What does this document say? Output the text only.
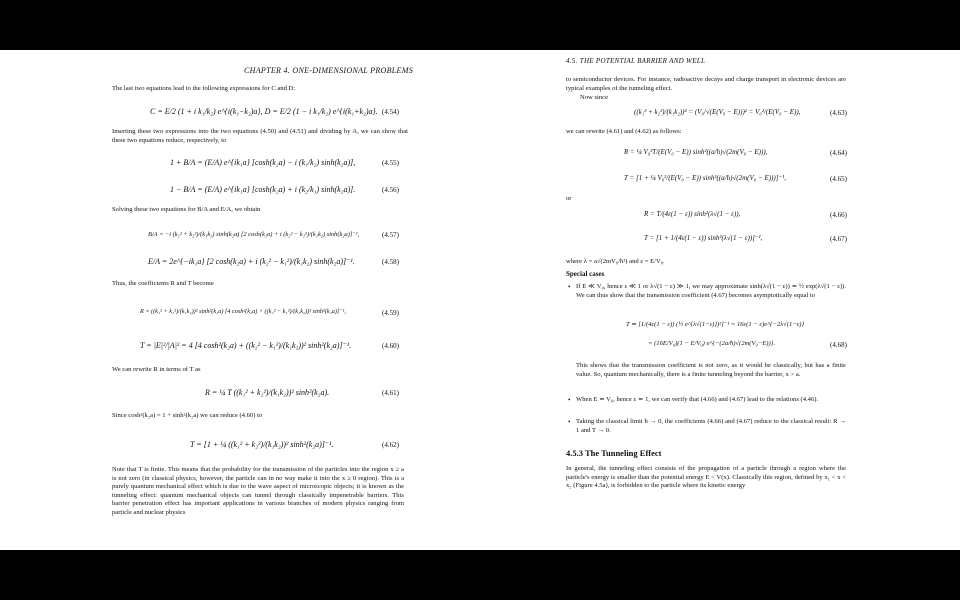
CHAPTER 4. ONE-DIMENSIONAL PROBLEMS
The last two equations lead to the following expressions for C and D:
C = E/2 (1 + i k₁/k₂) e^{i(k₁−k₂)a}, D = E/2 (1 − i k₁/k₂) e^{i(k₁+k₂)a}. (4.54)
Inserting these two expressions into the two equations (4.50) and (4.51) and dividing by A, we can show that these two equations reduce, respectively, to
1 + B/A = (E/A) e^{ik₁a} [cosh(k₂a) − i (k₁/k₂) sinh(k₂a)],	(4.55)
1 − B/A = (E/A) e^{ik₁a} [cosh(k₂a) + i (k₂/k₁) sinh(k₂a)].	(4.56)
Solving these two equations for B/A and E/A, we obtain
B/A = −i (k₁² + k₂²)/(k₁k₂) sinh(k₂a) [2 cosh(k₂a) + i (k₂² − k₁²)/(k₁k₂) sinh(k₂a)]⁻¹,	(4.57)
E/A = 2e^{−ik₁a} [2 cosh(k₂a) + i (k₂² − k₁²)/(k₁k₂) sinh(k₂a)]⁻¹.	(4.58)
Thus, the coefficients R and T become
R = ((k₁² + k₂²)/(k₁k₂))² sinh²(k₂a) [4 cosh²(k₂a) + ((k₂² − k₁²)/(k₁k₂))² sinh²(k₂a)]⁻¹,	(4.59)
T = |E|²/|A|² = 4 [4 cosh²(k₂a) + ((k₂² − k₁²)/(k₁k₂))² sinh²(k₂a)]⁻¹.	(4.60)
We can rewrite R in terms of T as
R = ¼ T ((k₁² + k₂²)/(k₁k₂))² sinh²(k₂a).	(4.61)
Since cosh²(k₂a) = 1 + sinh²(k₂a) we can reduce (4.60) to
T = [1 + ¼ ((k₁² + k₂²)/(k₁k₂))² sinh²(k₂a)]⁻¹.	(4.62)
Note that T is finite. This means that the probability for the transmission of the particles into the region x ≥ a is not zero (in classical physics, however, the particle can in no way make it into the x ≥ 0 region). This is a purely quantum mechanical effect which is due to the wave aspect of microscopic objects; it is known as the tunneling effect: quantum mechanical objects can tunnel through classically impenetrable barriers. This barrier penetration effect has important applications in various branches of modern physics ranging from particle and nuclear physics
4.5. THE POTENTIAL BARRIER AND WELL
to semiconductor devices. For instance, radioactive decays and charge transport in electronic devices are typical examples of the tunneling effect.
Now since
((k₁² + k₂²)/(k₁k₂))² = (V₀/√(E(V₀ − E)))² = V₀²/(E(V₀ − E)),	(4.63)
we can rewrite (4.61) and (4.62) as follows:
R = ¼ V₀²T/(E(V₀ − E)) sinh²((a/ħ)√(2m(V₀ − E))),	(4.64)
T = [1 + ¼ V₀²/(E(V₀ − E)) sinh²((a/ħ)√(2m(V₀ − E)))]⁻¹,	(4.65)
or
R = T/(4ε(1 − ε)) sinh²(λ√(1 − ε)),	(4.66)
T = [1 + 1/(4ε(1 − ε)) sinh²(λ√(1 − ε))]⁻¹,	(4.67)
where λ = a√(2mV₀/ħ²) and ε = E/V₀.
Special cases
• If E ≪ V₀, hence ε ≪ 1 or λ√(1 − ε) ≫ 1, we may approximate sinh(λ√(1 − ε)) ≃ ½ exp(λ√(1 − ε)). We can thus show that the transmission coefficient (4.67) becomes asymptotically equal to
T ≃ [1/(4ε(1 − ε)) (½ e^{λ√(1−ε)})²]⁻¹ = 16ε(1 − ε)e^{−2λ√(1−ε)}
= (16E/V₀)(1 − E/V₀) e^{−(2a/ħ)√(2m(V₀−E))}.	(4.68)
This shows that the transmission coefficient is not zero, as it would be classically, but has a finite value. So, quantum mechanically, there is a finite tunneling beyond the barrier, x > a.
• When E ≃ V₀, hence ε ≃ 1, we can verify that (4.66) and (4.67) lead to the relations (4.46).
• Taking the classical limit ħ → 0, the coefficients (4.66) and (4.67) reduce to the classical result: R → 1 and T → 0.
4.5.3 The Tunneling Effect
In general, the tunneling effect consists of the propagation of a particle through a region where the particle's energy is smaller than the potential energy E < V(x). Classically this region, defined by x₁ < x < x₂ (Figure 4.5a), is forbidden to the particle where its kinetic energy
